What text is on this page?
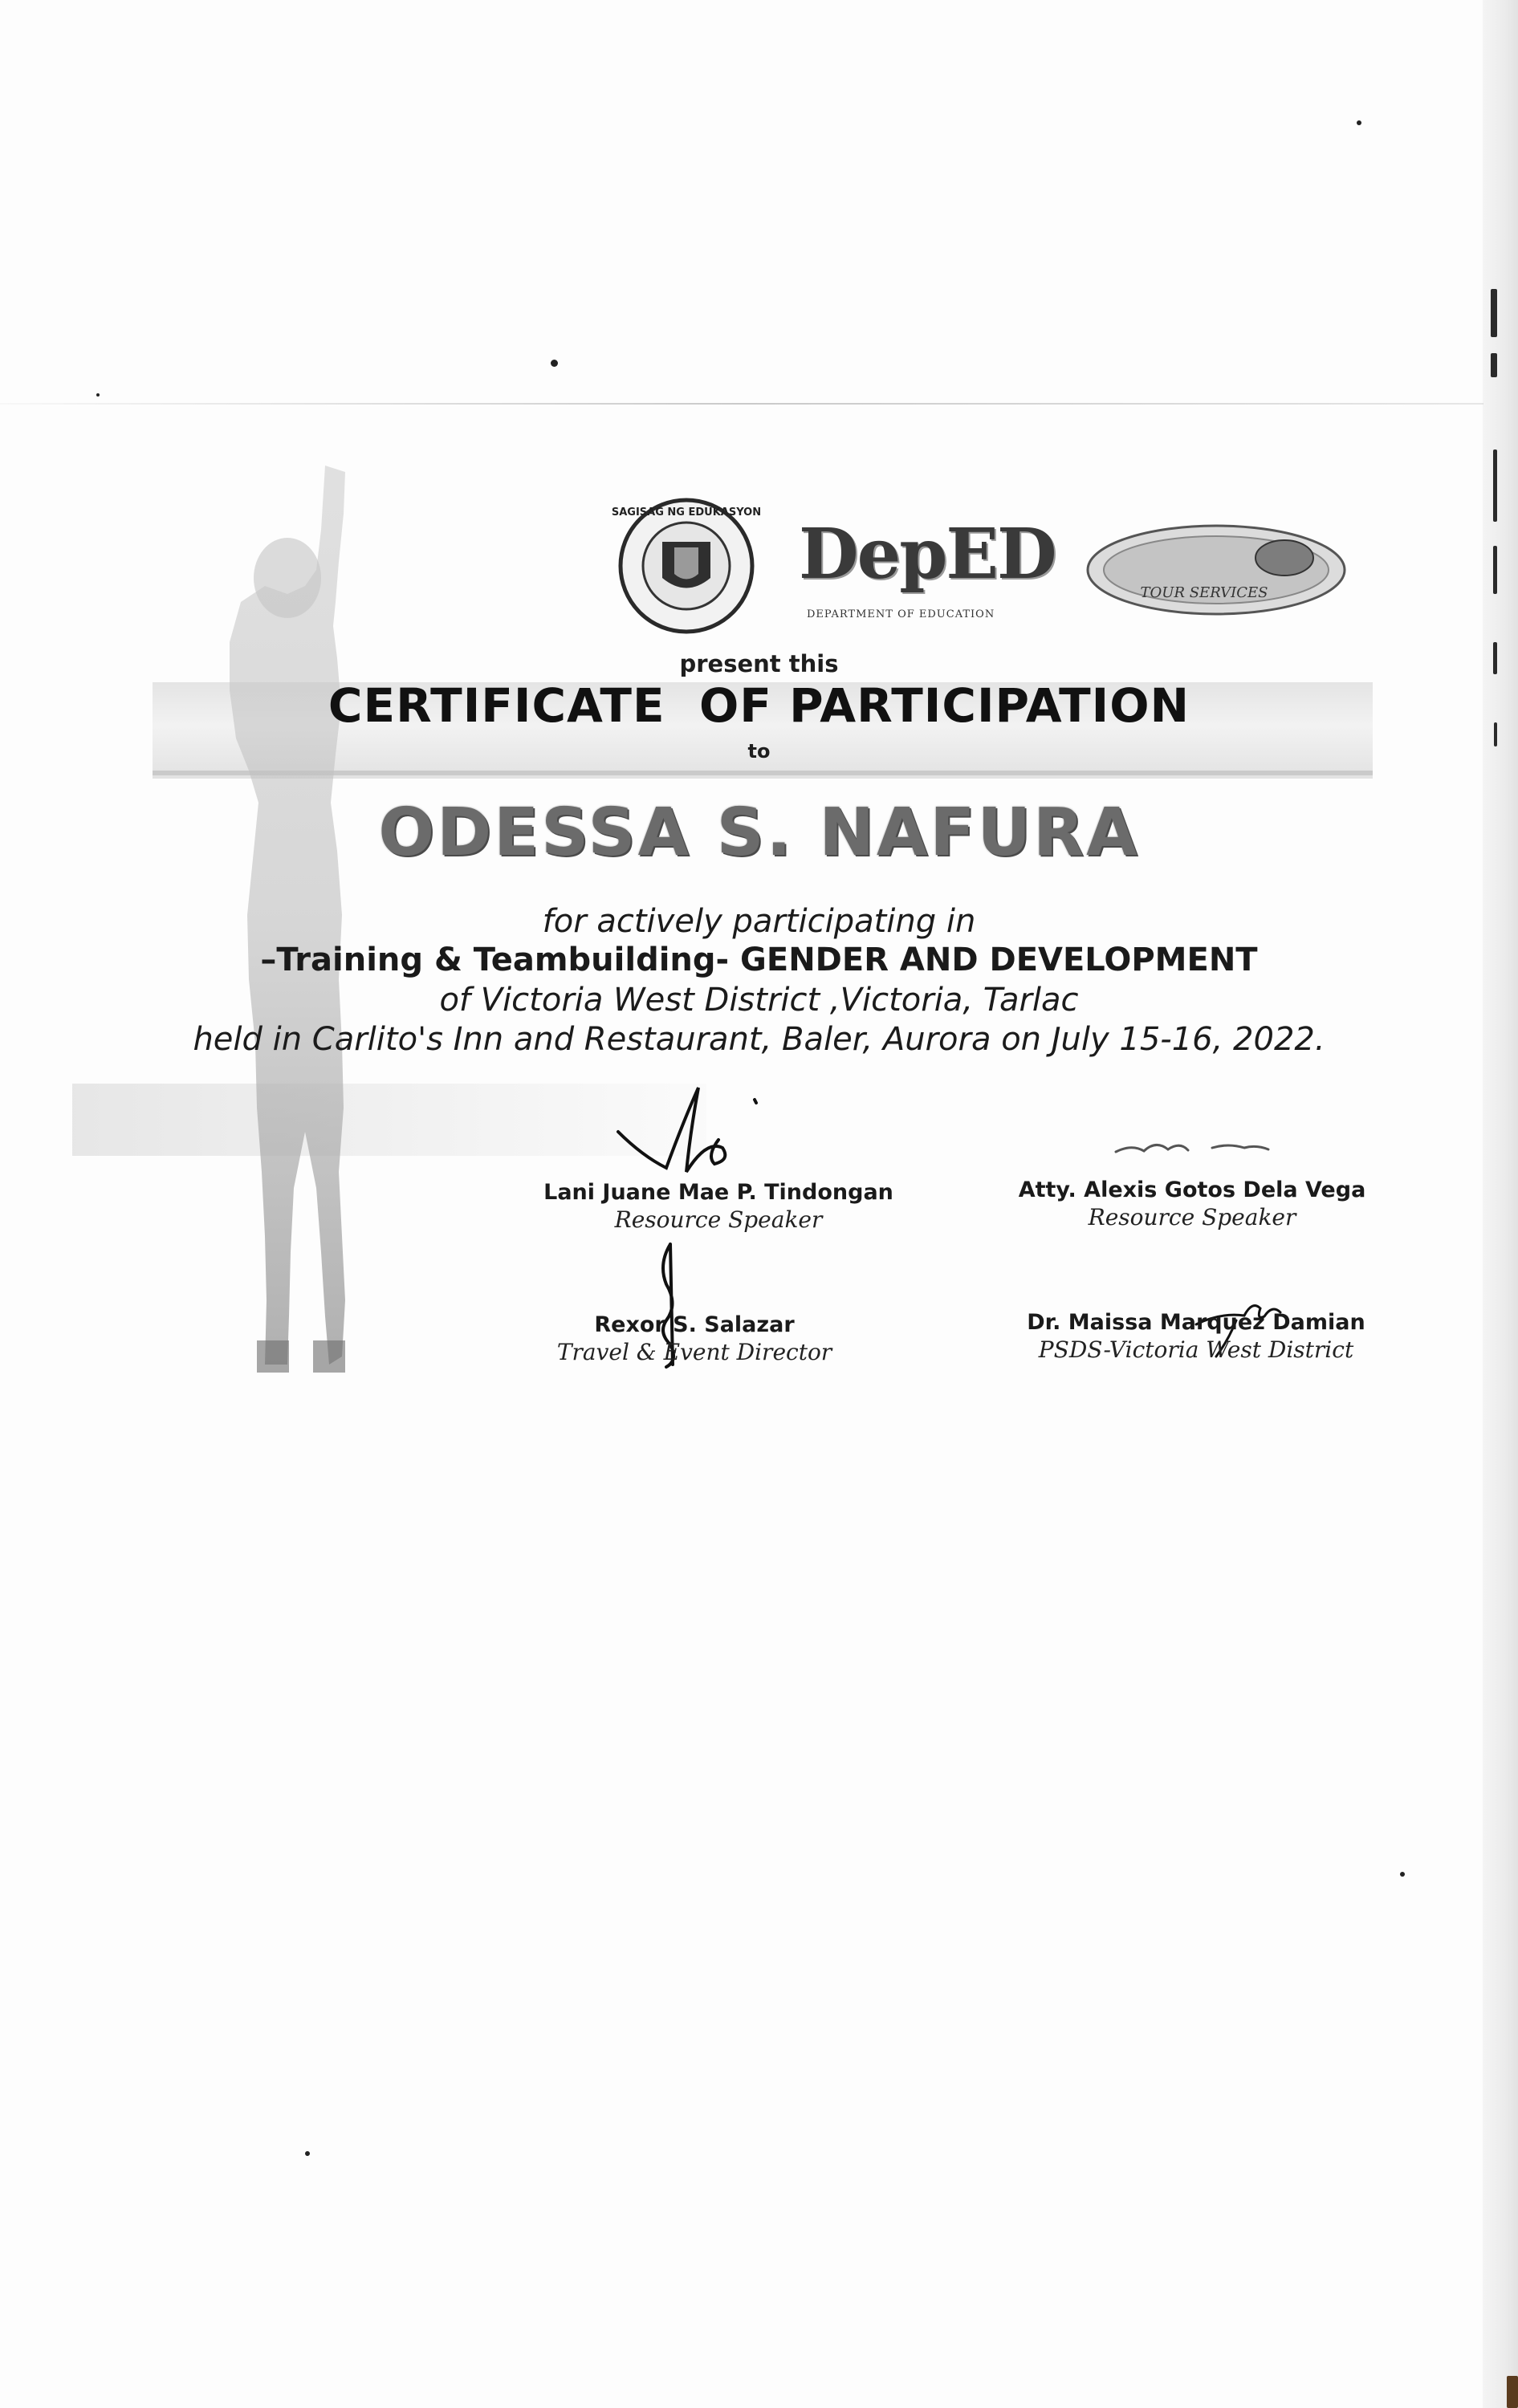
SAGISAG NG EDUKASYON
DepED
DEPARTMENT OF EDUCATION
TOUR SERVICES
present this
CERTIFICATE  OF PARTICIPATION
to
ODESSA S. NAFURA
for actively participating in
–Training & Teambuilding- GENDER AND DEVELOPMENT
of Victoria West District ,Victoria, Tarlac
held in Carlito's Inn and Restaurant, Baler, Aurora on July 15-16, 2022.
Lani Juane Mae P. Tindongan
Resource Speaker
Atty. Alexis Gotos Dela Vega
Resource Speaker
Rexor S. Salazar
Travel & Event Director
Dr. Maissa Marquez Damian
PSDS-Victoria West District
